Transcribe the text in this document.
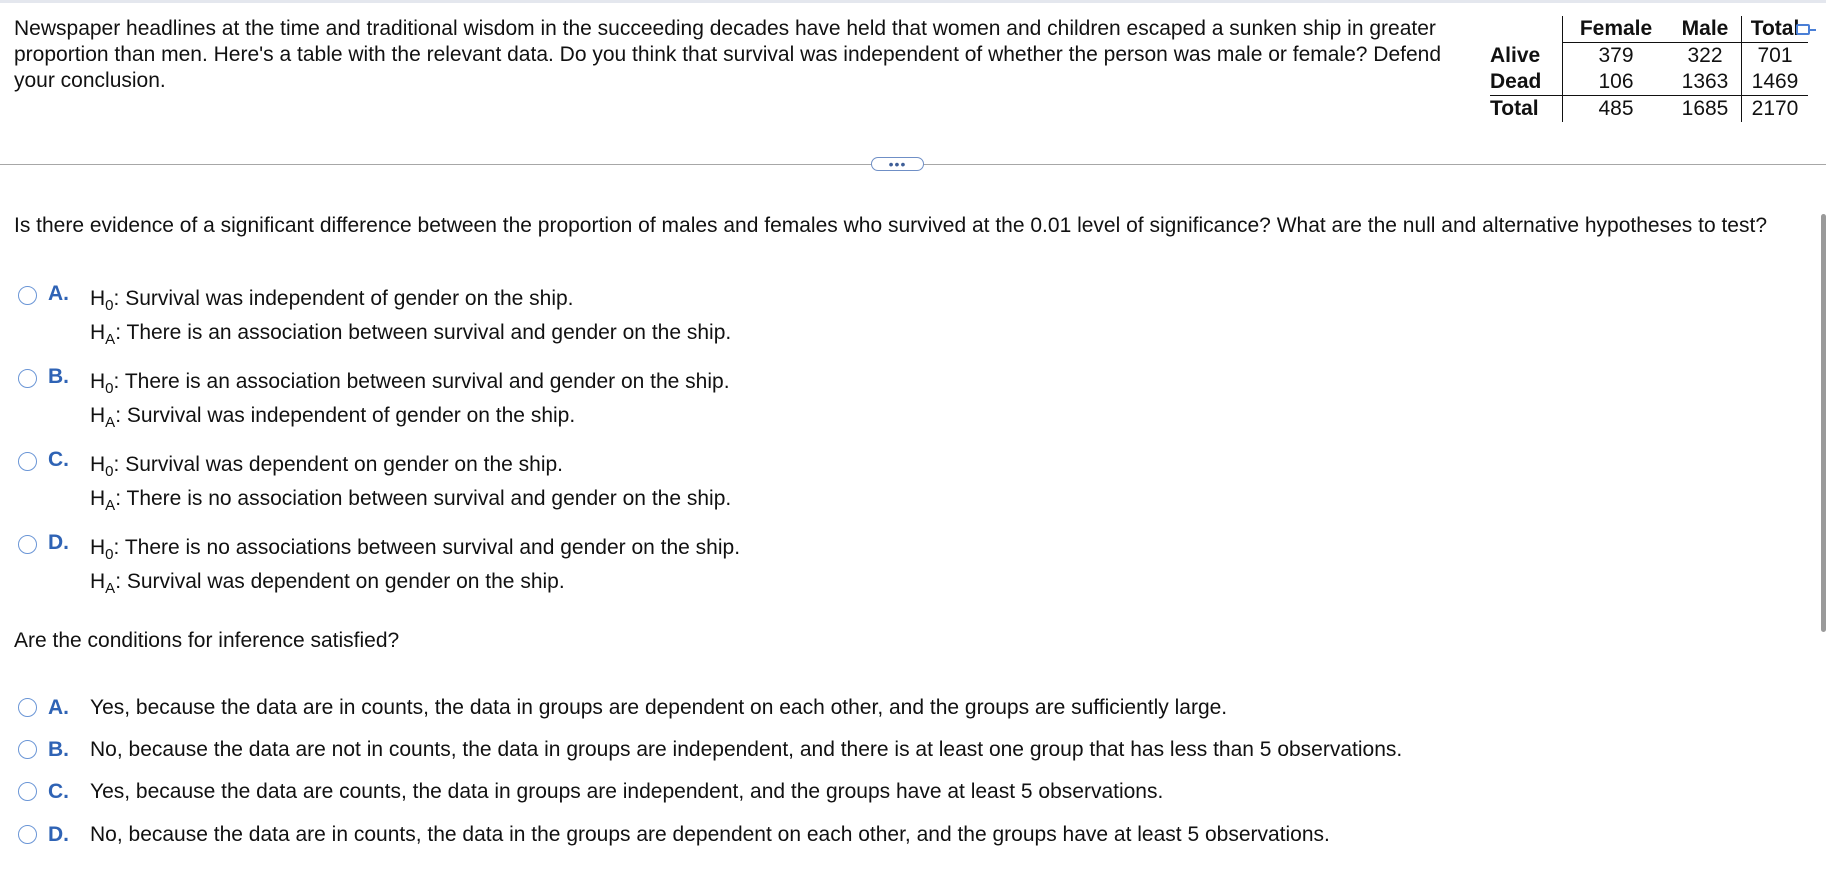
Newspaper headlines at the time and traditional wisdom in the succeeding decades have held that women and children escaped a sunken ship in greater proportion than men. Here's a table with the relevant data. Do you think that survival was independent of whether the person was male or female? Defend your conclusion.
	Female	Male	Total
Alive	379	322	701
Dead	106	1363	1469
Total	485	1685	2170
•••
Is there evidence of a significant difference between the proportion of males and females who survived at the 0.01 level of significance? What are the null and alternative hypotheses to test?
A.	$H_0$: Survival was independent of gender on the ship.
$H_A$: There is an association between survival and gender on the ship.
B.	$H_0$: There is an association between survival and gender on the ship.
$H_A$: Survival was independent of gender on the ship.
C.	$H_0$: Survival was dependent on gender on the ship.
$H_A$: There is no association between survival and gender on the ship.
D.	$H_0$: There is no associations between survival and gender on the ship.
$H_A$: Survival was dependent on gender on the ship.
Are the conditions for inference satisfied?
A.	Yes, because the data are in counts, the data in groups are dependent on each other, and the groups are sufficiently large.
B.	No, because the data are not in counts, the data in groups are independent, and there is at least one group that has less than 5 observations.
C.	Yes, because the data are counts, the data in groups are independent, and the groups have at least 5 observations.
D.	No, because the data are in counts, the data in the groups are dependent on each other, and the groups have at least 5 observations.
